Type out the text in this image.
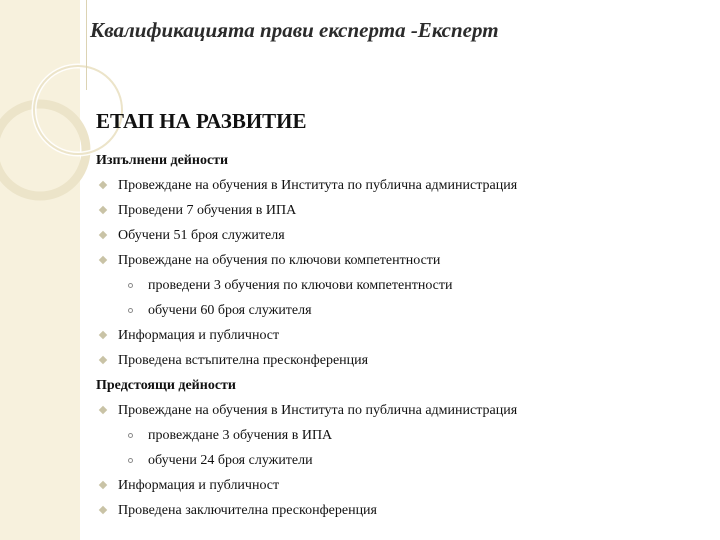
Квалификацията прави експерта -Експерт
ЕТАП НА РАЗВИТИЕ
Изпълнени дейности
Провеждане на обучения в Института по публична администрация
Проведени 7 обучения в ИПА
Обучени 51 броя служителя
Провеждане на обучения по ключови компетентности
проведени 3 обучения по ключови компетентности
обучени 60 броя служителя
Информация и публичност
Проведена встъпителна пресконференция
Предстоящи дейности
Провеждане на обучения в Института по публична администрация
провеждане 3 обучения в ИПА
обучени 24 броя служители
Информация и публичност
Проведена заключителна пресконференция
